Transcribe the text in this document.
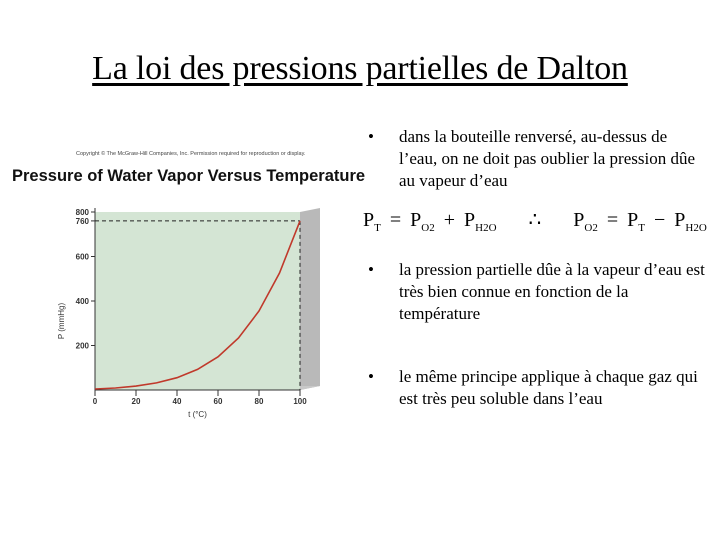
La loi des pressions partielles de Dalton
Copyright © The McGraw-Hill Companies, Inc. Permission required for reproduction or display.
Pressure of Water Vapor Versus Temperature
200
400
600
760
800
0	20	40	60	80	100
t (°C)
P (mmHg)
• dans la bouteille renversé, au-dessus de l’eau, on ne doit pas oublier la pression dûe au vapeur d’eau
• la pression partielle dûe à la vapeur d’eau est très bien connue en fonction de la température
• le même principe applique à chaque gaz qui est très peu soluble dans l’eau
$P_T = P_{O2} + P_{H2O}$ ∴ $P_{O2} = P_T - P_{H2O}$
